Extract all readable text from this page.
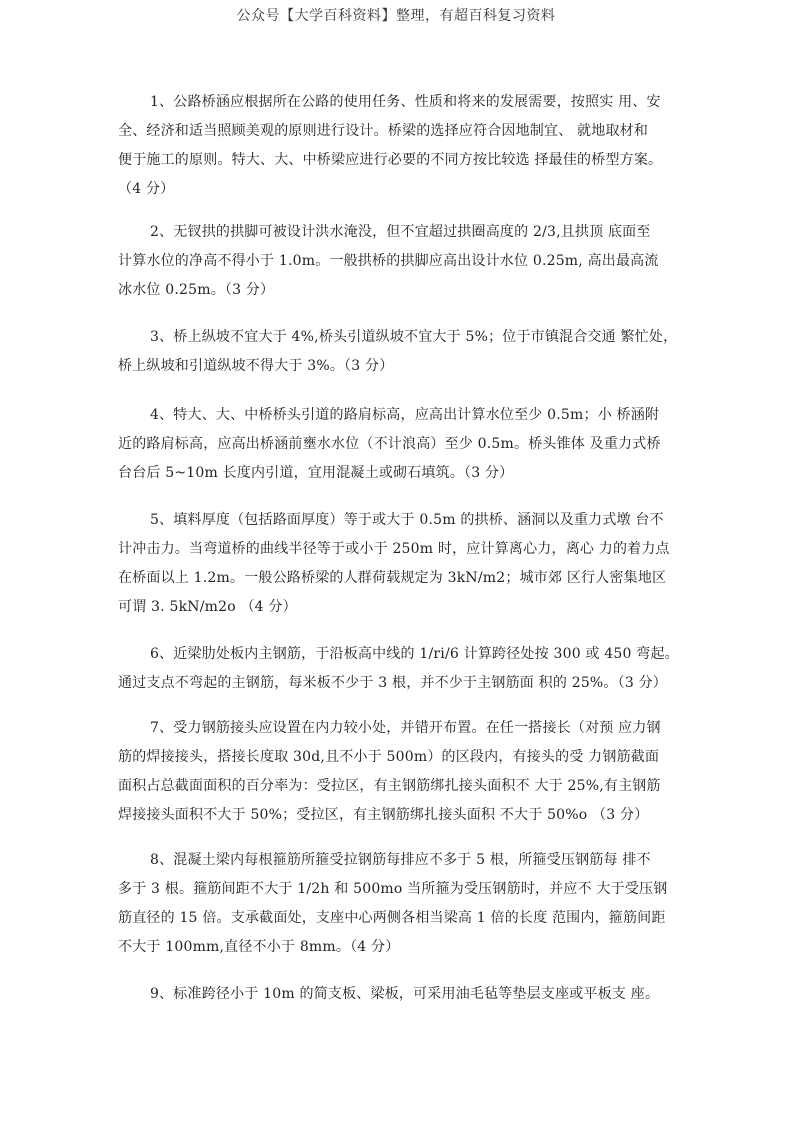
公众号【大学百科资料】整理，有超百科复习资料
1、公路桥涵应根据所在公路的使用任务、性质和将来的发展需要，按照实 用、安
全、经济和适当照顾美观的原则进行设计。桥梁的选择应符合因地制宜、 就地取材和
便于施工的原则。特大、大、中桥梁应进行必要的不同方按比较选 择最佳的桥型方案。
（4 分）
2、无钗拱的拱脚可被设计洪水淹没，但不宜超过拱圈高度的 2/3,且拱顶 底面至
计算水位的净高不得小于 1.0m。一般拱桥的拱脚应高出设计水位 0.25m, 高出最高流
冰水位 0.25m。（3 分）
3、桥上纵坡不宜大于 4%,桥头引道纵坡不宜大于 5%；位于市镇混合交通 繁忙处，
桥上纵坡和引道纵坡不得大于 3%。（3 分）
4、特大、大、中桥桥头引道的路肩标高，应高出计算水位至少 0.5m；小 桥涵附
近的路肩标高，应高出桥涵前壅水水位（不计浪高）至少 0.5m。桥头锥体 及重力式桥
台台后 5~10m 长度内引道，宜用混凝土或砌石填筑。（3 分）
5、填料厚度（包括路面厚度）等于或大于 0.5m 的拱桥、涵洞以及重力式墩 台不
计冲击力。当弯道桥的曲线半径等于或小于 250m 时，应计算离心力，离心 力的着力点
在桥面以上 1.2m。一般公路桥梁的人群荷载规定为 3kN/m2；城市郊 区行人密集地区
可谓 3. 5kN/m2o （4 分）
6、近梁肋处板内主钢筋，于沿板高中线的 1/ri/6 计算跨径处按 300 或 450 弯起。
通过支点不弯起的主钢筋，每米板不少于 3 根，并不少于主钢筋面 积的 25%。（3 分）
7、受力钢筋接头应设置在内力较小处，并错开布置。在任一搭接长（对预 应力钢
筋的焊接接头，搭接长度取 30d,且不小于 500m）的区段内，有接头的受 力钢筋截面
面积占总截面面积的百分率为：受拉区，有主钢筋绑扎接头面积不 大于 25%,有主钢筋
焊接接头面积不大于 50%；受拉区，有主钢筋绑扎接头面积 不大于 50%o （3 分）
8、混凝土梁内每根箍筋所箍受拉钢筋每排应不多于 5 根，所箍受压钢筋每 排不
多于 3 根。箍筋间距不大于 1/2h 和 500mo 当所箍为受压钢筋时，并应不 大于受压钢
筋直径的 15 倍。支承截面处，支座中心两侧各相当梁高 1 倍的长度 范围内，箍筋间距
不大于 100mm,直径不小于 8mm。（4 分）
9、标准跨径小于 10m 的简支板、梁板，可采用油毛毡等垫层支座或平板支 座。
